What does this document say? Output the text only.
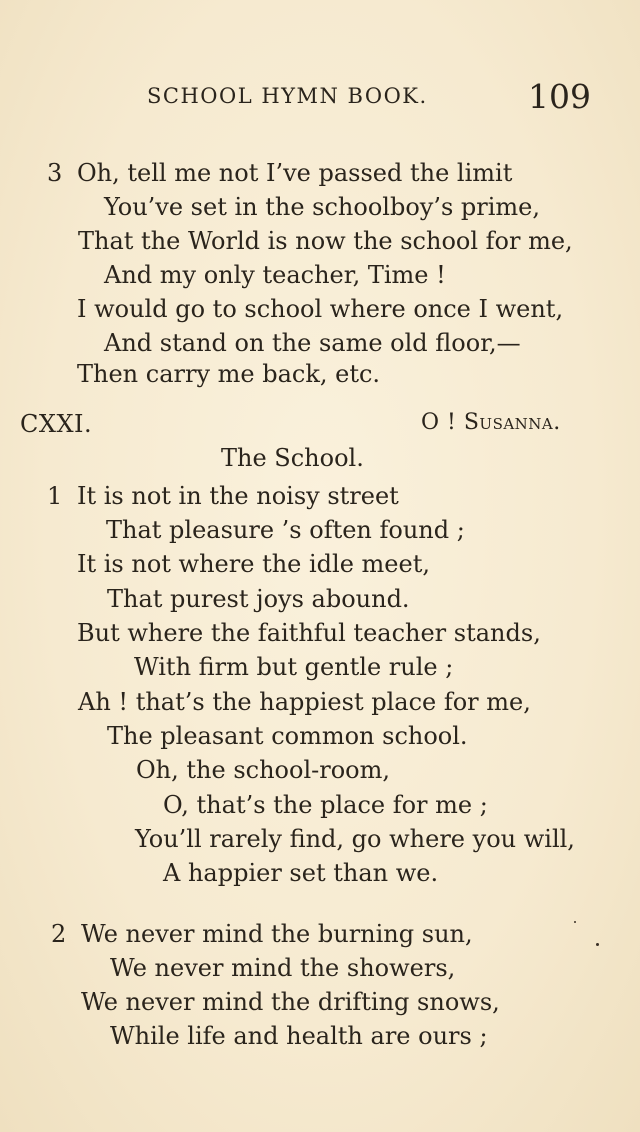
SCHOOL HYMN BOOK.	109
3 Oh, tell me not I’ve passed the limit
You’ve set in the schoolboy’s prime,
That the World is now the school for me,
And my only teacher, Time !
I would go to school where once I went,
And stand on the same old floor,—
Then carry me back, etc.
CXXI.	O ! Susanna.
The School.
1 It is not in the noisy street
That pleasure ’s often found ;
It is not where the idle meet,
That purest joys abound.
But where the faithful teacher stands,
With firm but gentle rule ;
Ah ! that’s the happiest place for me,
The pleasant common school.
Oh, the school-room,
O, that’s the place for me ;
You’ll rarely find, go where you will,
A happier set than we.
2 We never mind the burning sun,
We never mind the showers,
We never mind the drifting snows,
While life and health are ours ;
